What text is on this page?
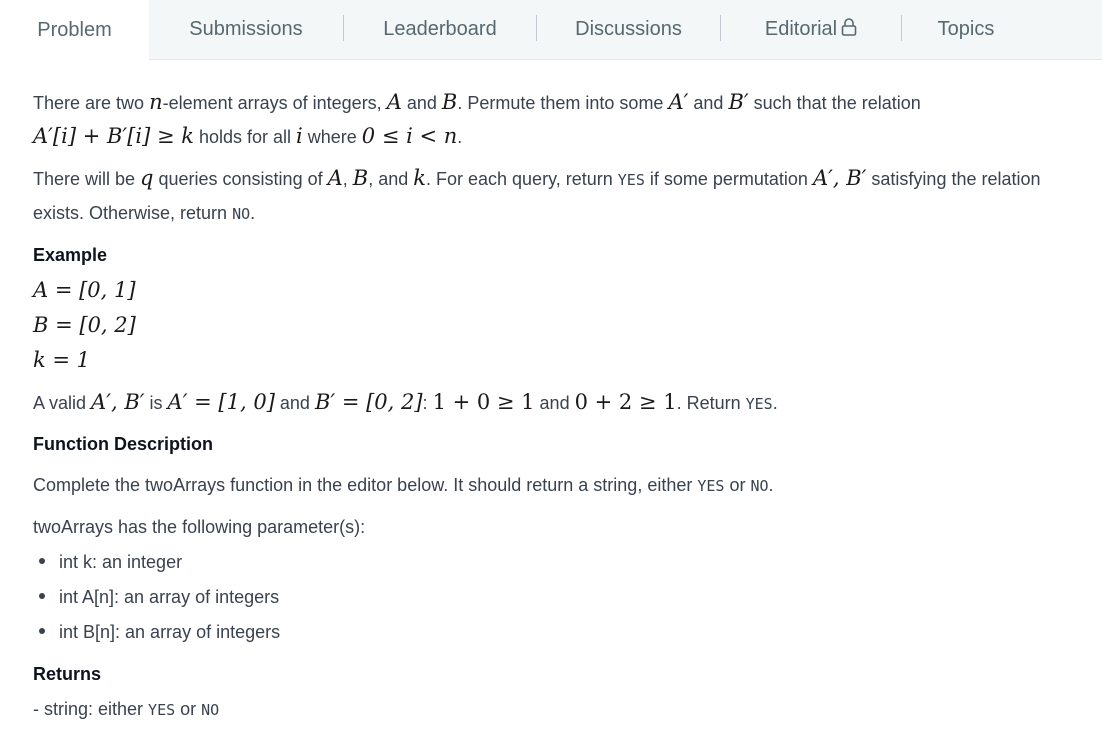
Problem	Submissions	Leaderboard	Discussions	Editorial	Topics
There are two n-element arrays of integers, A and B. Permute them into some A′ and B′ such that the relation
A′[i] + B′[i] ≥ k holds for all i where 0 ≤ i < n.
There will be q queries consisting of A, B, and k. For each query, return YES if some permutation A′, B′ satisfying the relation
exists. Otherwise, return NO.
Example
A = [0, 1]
B = [0, 2]
k = 1
A valid A′, B′ is A′ = [1, 0] and B′ = [0, 2]: 1 + 0 ≥ 1 and 0 + 2 ≥ 1. Return YES.
Function Description
Complete the twoArrays function in the editor below. It should return a string, either YES or NO.
twoArrays has the following parameter(s):
int k: an integer
int A[n]: an array of integers
int B[n]: an array of integers
Returns
- string: either YES or NO
